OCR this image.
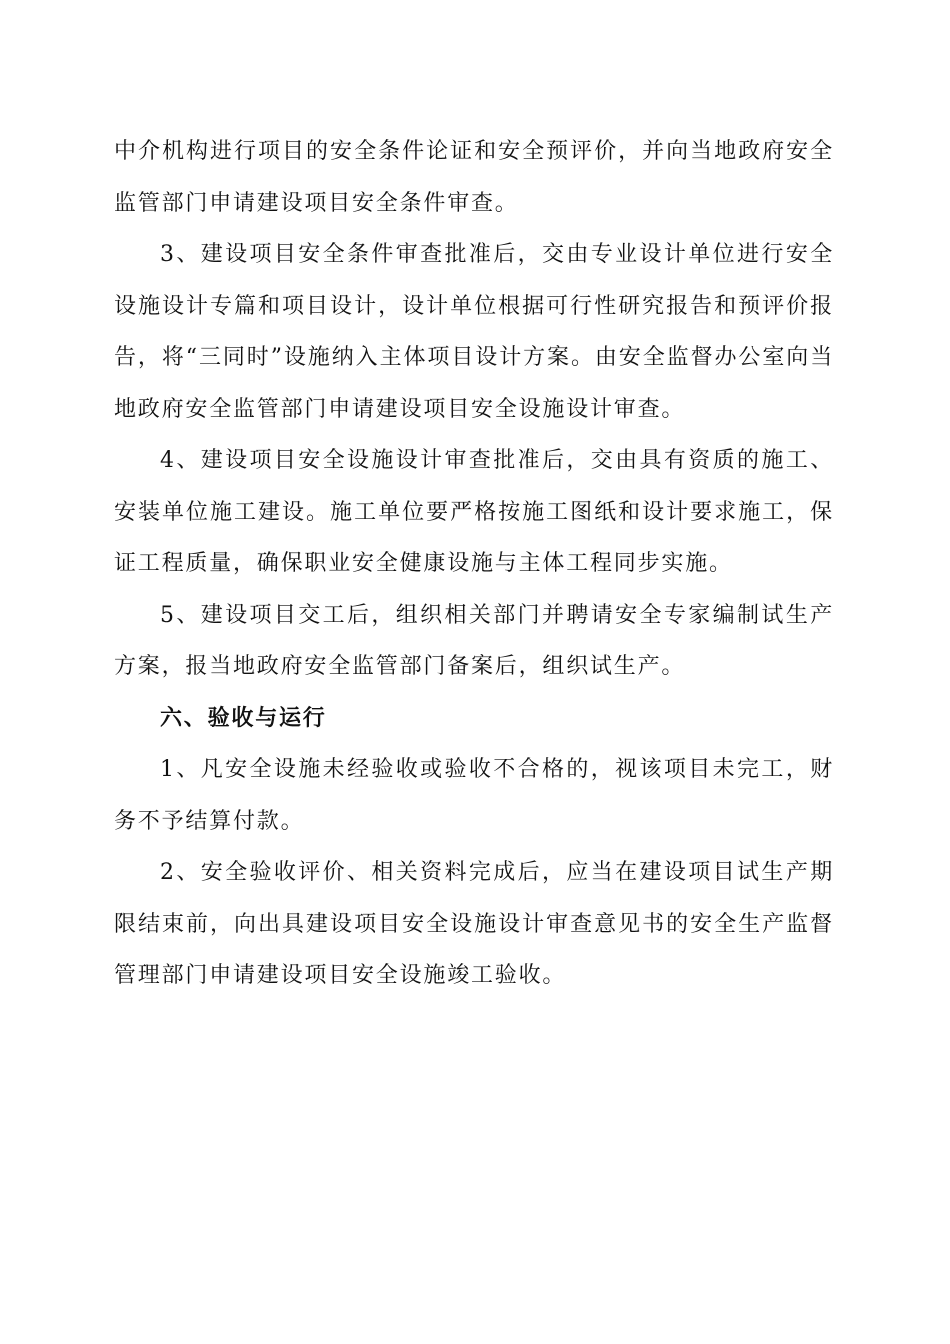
中介机构进行项目的安全条件论证和安全预评价，并向当地政府安全监管部门申请建设项目安全条件审查。

3、建设项目安全条件审查批准后，交由专业设计单位进行安全设施设计专篇和项目设计，设计单位根据可行性研究报告和预评价报告，将“三同时”设施纳入主体项目设计方案。由安全监督办公室向当地政府安全监管部门申请建设项目安全设施设计审查。

4、建设项目安全设施设计审查批准后，交由具有资质的施工、安装单位施工建设。施工单位要严格按施工图纸和设计要求施工，保证工程质量，确保职业安全健康设施与主体工程同步实施。

5、建设项目交工后，组织相关部门并聘请安全专家编制试生产方案，报当地政府安全监管部门备案后，组织试生产。

六、验收与运行

1、凡安全设施未经验收或验收不合格的，视该项目未完工，财务不予结算付款。

2、安全验收评价、相关资料完成后，应当在建设项目试生产期限结束前，向出具建设项目安全设施设计审查意见书的安全生产监督管理部门申请建设项目安全设施竣工验收。
